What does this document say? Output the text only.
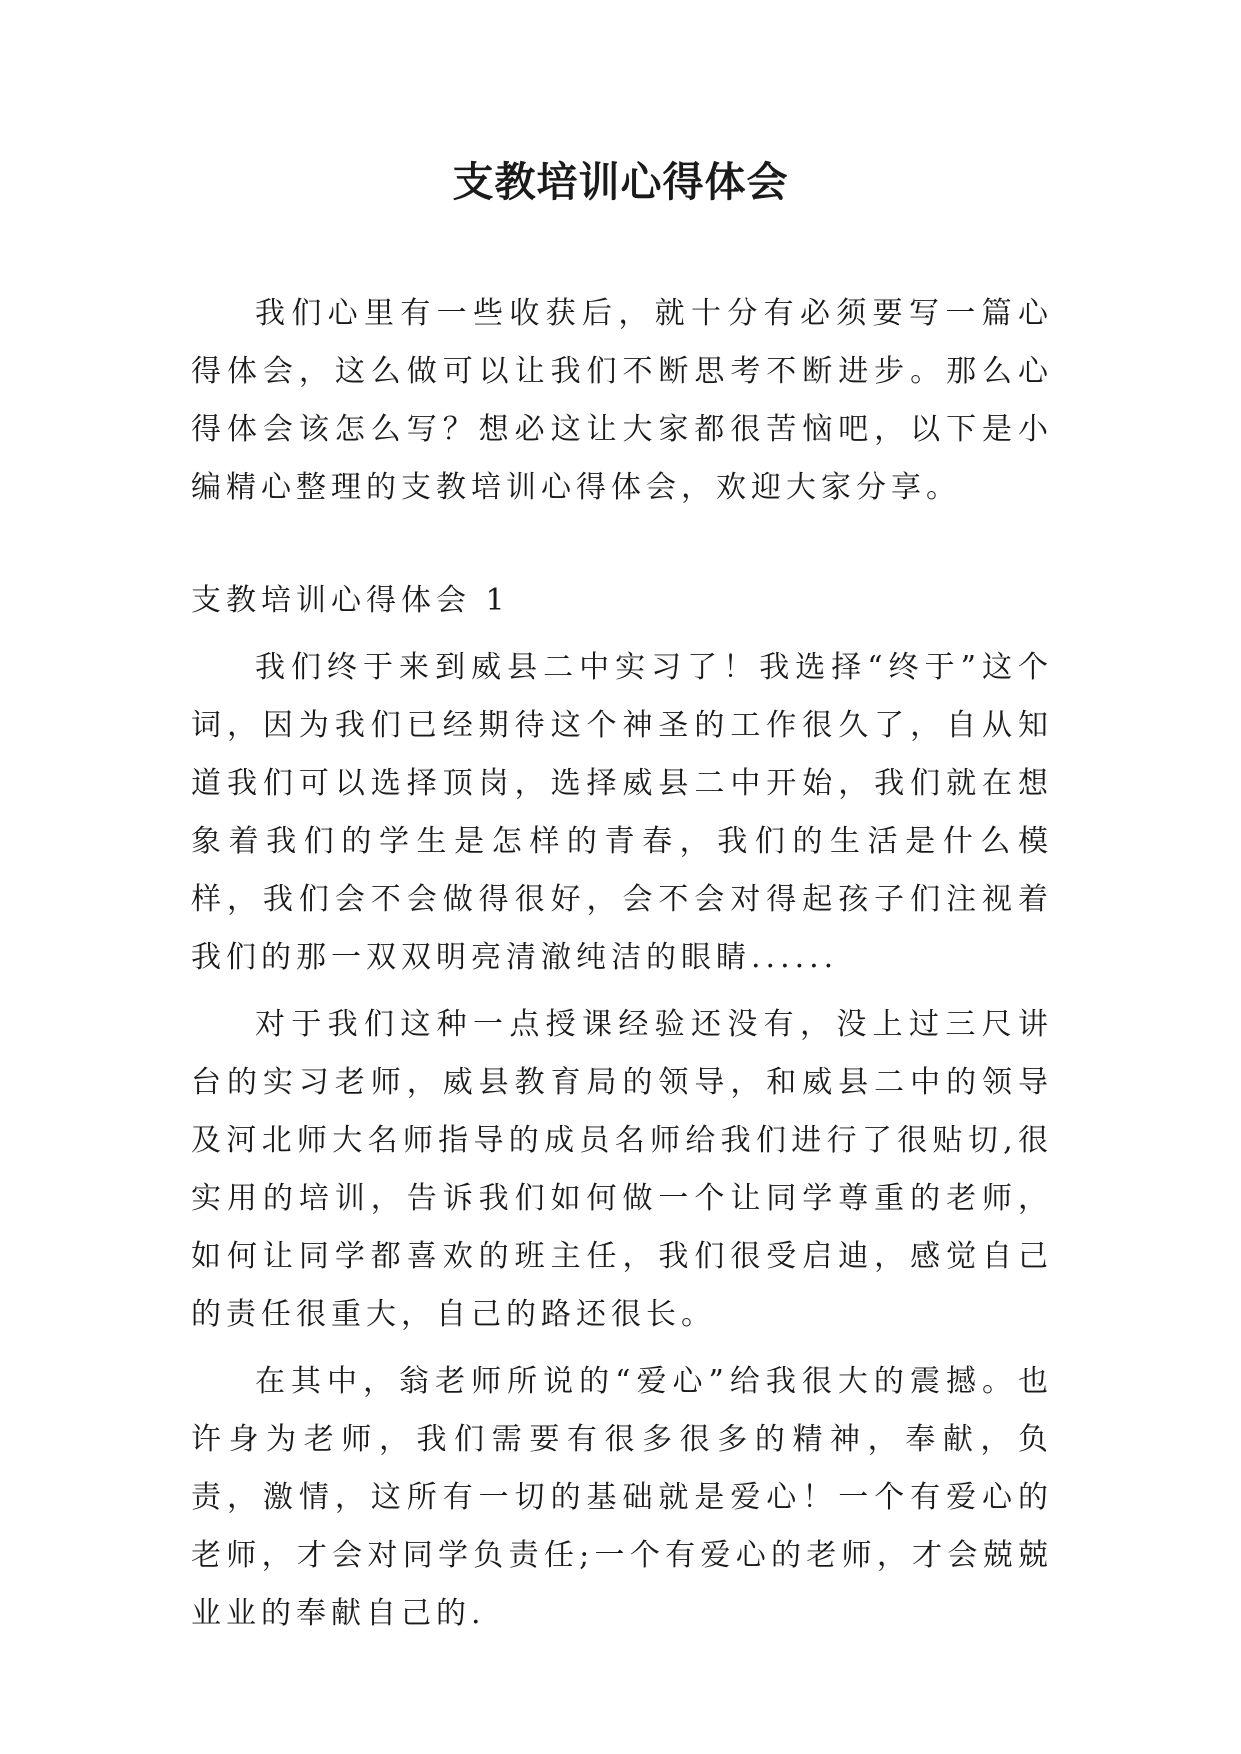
支教培训心得体会

我们心里有一些收获后，就十分有必须要写一篇心得体会，这么做可以让我们不断思考不断进步。那么心得体会该怎么写？想必这让大家都很苦恼吧，以下是小编精心整理的支教培训心得体会，欢迎大家分享。

支教培训心得体会 1

我们终于来到威县二中实习了！我选择“终于”这个词，因为我们已经期待这个神圣的工作很久了，自从知道我们可以选择顶岗，选择威县二中开始，我们就在想象着我们的学生是怎样的青春，我们的生活是什么模样，我们会不会做得很好，会不会对得起孩子们注视着我们的那一双双明亮清澈纯洁的眼睛......

对于我们这种一点授课经验还没有，没上过三尺讲台的实习老师，威县教育局的领导，和威县二中的领导及河北师大名师指导的成员名师给我们进行了很贴切,很实用的培训，告诉我们如何做一个让同学尊重的老师，如何让同学都喜欢的班主任，我们很受启迪，感觉自己的责任很重大，自己的路还很长。

在其中，翁老师所说的“爱心”给我很大的震撼。也许身为老师，我们需要有很多很多的精神，奉献，负责，激情，这所有一切的基础就是爱心！一个有爱心的老师，才会对同学负责任;一个有爱心的老师，才会兢兢业业的奉献自己的.
